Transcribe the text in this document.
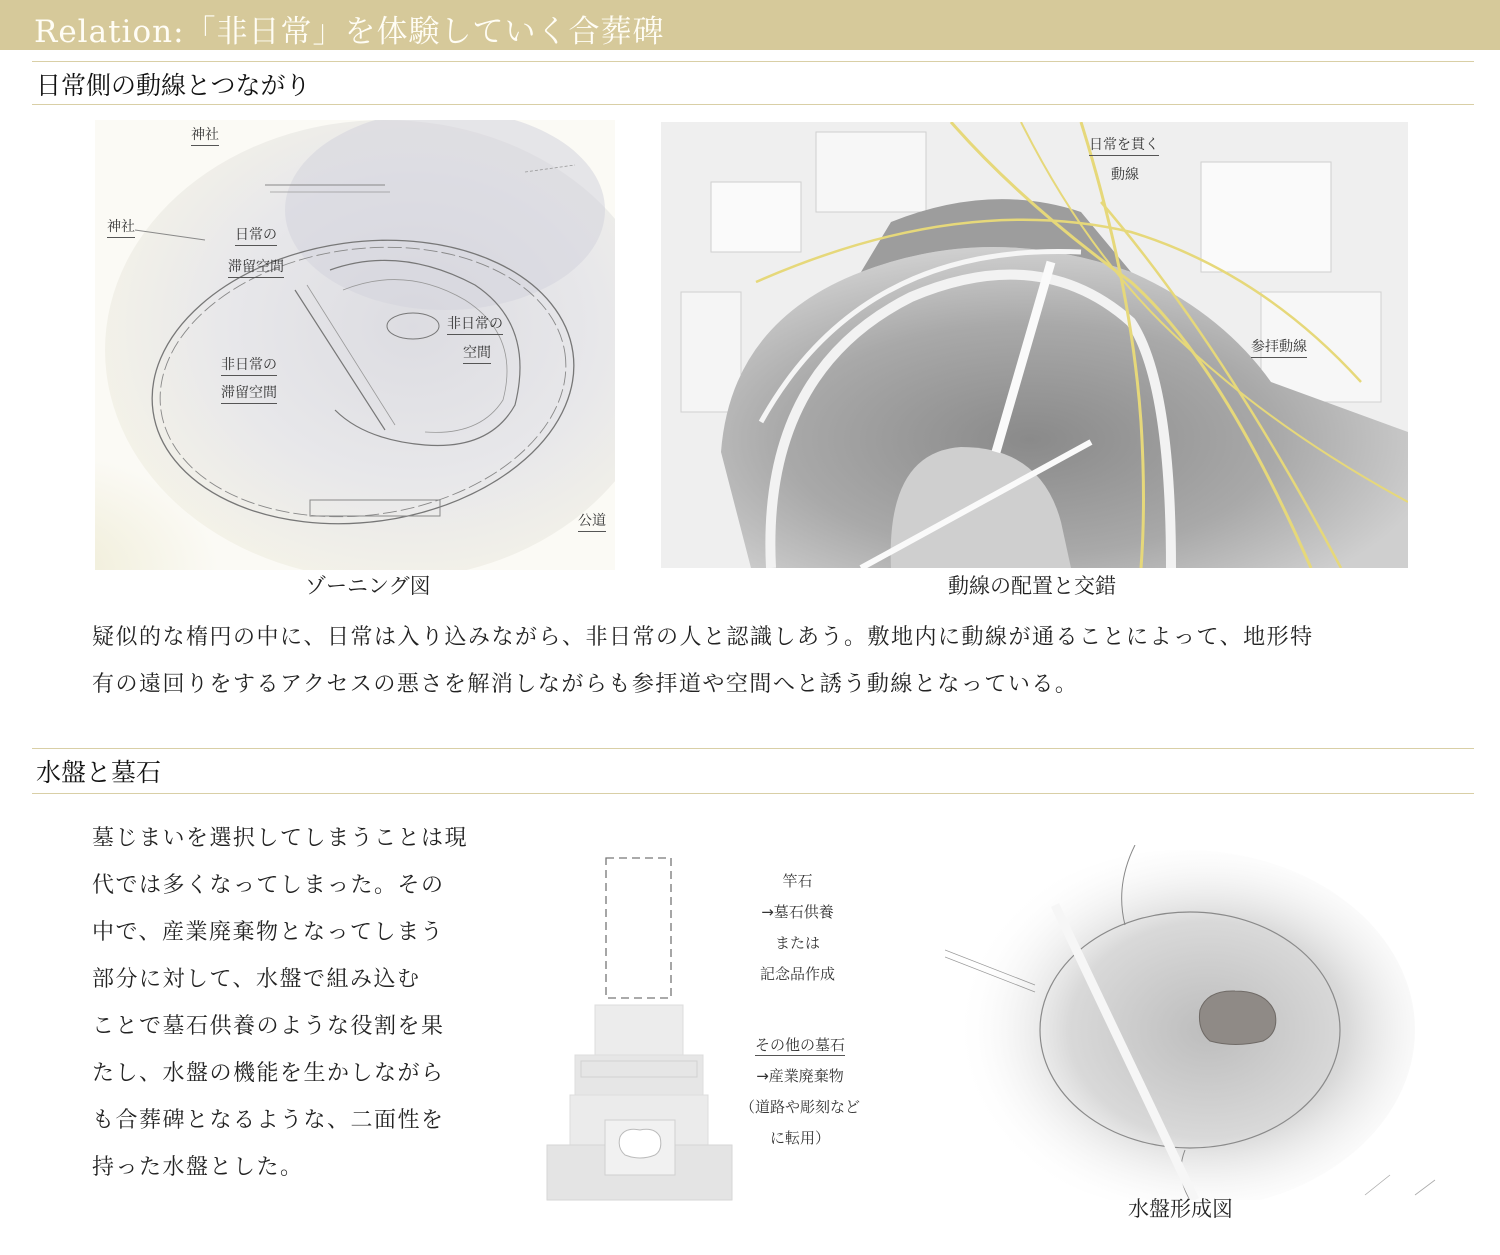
Relation:「非日常」を体験していく合葬碑
日常側の動線とつながり
神社
神社	日常の
滞留空間
非日常の
空間
非日常の
滞留空間
公道
ゾーニング図
日常を貫く
動線
参拝動線
動線の配置と交錯
疑似的な楕円の中に、日常は入り込みながら、非日常の人と認識しあう。敷地内に動線が通ることによって、地形特
有の遠回りをするアクセスの悪さを解消しながらも参拝道や空間へと誘う動線となっている。
水盤と墓石
墓じまいを選択してしまうことは現
代では多くなってしまった。その
中で、産業廃棄物となってしまう
部分に対して、水盤で組み込む
ことで墓石供養のような役割を果
たし、水盤の機能を生かしながら
も合葬碑となるような、二面性を
持った水盤とした。
竿石
→墓石供養
または
記念品作成
その他の墓石
→産業廃棄物
（道路や彫刻など
に転用）
水盤形成図
